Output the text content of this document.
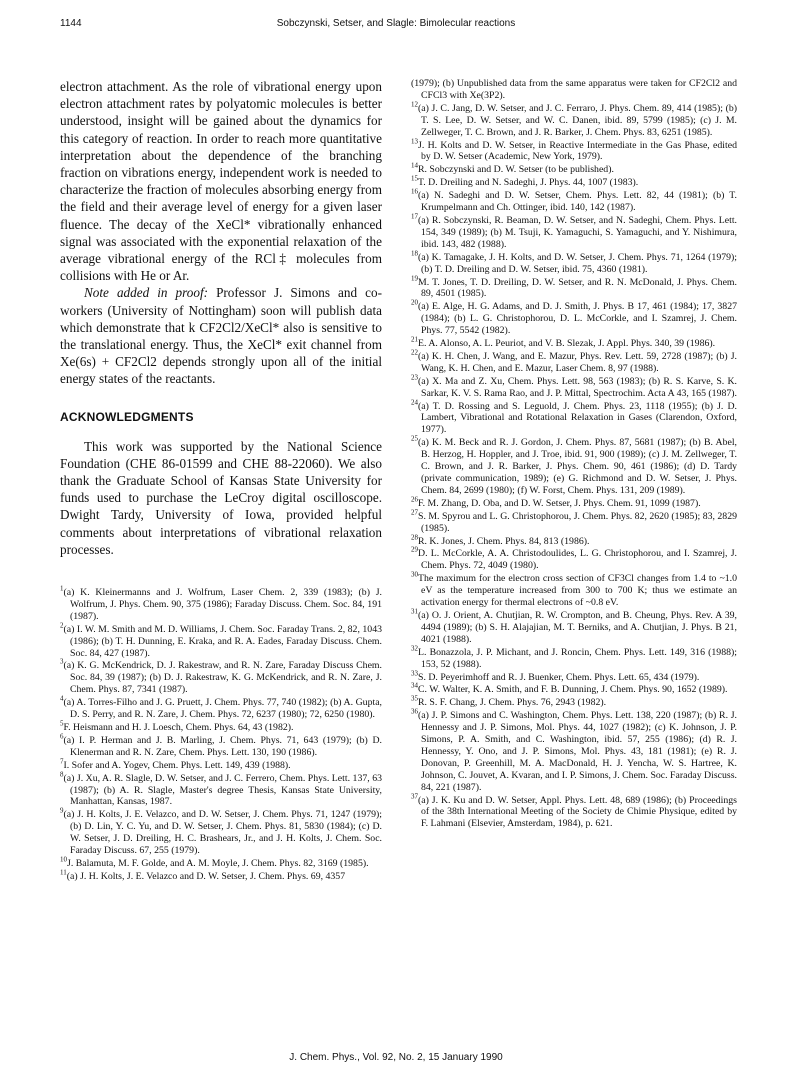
1144	Sobczynski, Setser, and Slagle: Bimolecular reactions

electron attachment. As the role of vibrational energy upon electron attachment rates by polyatomic molecules is better understood, insight will be gained about the dynamics for this category of reaction. In order to reach more quantitative interpretation about the dependence of the branching fraction on vibrations energy, independent work is needed to characterize the fraction of molecules absorbing energy from the field and their average level of energy for a given laser fluence. The decay of the XeCl* vibrationally enhanced signal was associated with the exponential relaxation of the average vibrational energy of the RCl‡ molecules from collisions with He or Ar.

Note added in proof: Professor J. Simons and co-workers (University of Nottingham) soon will publish data which demonstrate that k CF2Cl2/XeCl* also is sensitive to the translational energy. Thus, the XeCl* exit channel from Xe(6s) + CF2Cl2 depends strongly upon all of the initial energy states of the reactants.

ACKNOWLEDGMENTS

This work was supported by the National Science Foundation (CHE 86-01599 and CHE 88-22060). We also thank the Graduate School of Kansas State University for funds used to purchase the LeCroy digital oscilloscope. Dwight Tardy, University of Iowa, provided helpful comments about interpretations of vibrational relaxation processes.

$^1$(a) K. Kleinermanns and J. Wolfrum, Laser Chem. 2, 339 (1983); (b) J. Wolfrum, J. Phys. Chem. 90, 375 (1986); Faraday Discuss. Chem. Soc. 84, 191 (1987).

$^2$(a) I. W. M. Smith and M. D. Williams, J. Chem. Soc. Faraday Trans. 2, 82, 1043 (1986); (b) T. H. Dunning, E. Kraka, and R. A. Eades, Faraday Discuss. Chem. Soc. 84, 427 (1987).

$^3$(a) K. G. McKendrick, D. J. Rakestraw, and R. N. Zare, Faraday Discuss Chem. Soc. 84, 39 (1987); (b) D. J. Rakestraw, K. G. McKendrick, and R. N. Zare, J. Chem. Phys. 87, 7341 (1987).

$^4$(a) A. Torres-Filho and J. G. Pruett, J. Chem. Phys. 77, 740 (1982); (b) A. Gupta, D. S. Perry, and R. N. Zare, J. Chem. Phys. 72, 6237 (1980); 72, 6250 (1980).

$^5$F. Heismann and H. J. Loesch, Chem. Phys. 64, 43 (1982).

$^6$(a) I. P. Herman and J. B. Marling, J. Chem. Phys. 71, 643 (1979); (b) D. Klenerman and R. N. Zare, Chem. Phys. Lett. 130, 190 (1986).

$^7$I. Sofer and A. Yogev, Chem. Phys. Lett. 149, 439 (1988).

$^8$(a) J. Xu, A. R. Slagle, D. W. Setser, and J. C. Ferrero, Chem. Phys. Lett. 137, 63 (1987); (b) A. R. Slagle, Master's degree Thesis, Kansas State University, Manhattan, Kansas, 1987.

$^9$(a) J. H. Kolts, J. E. Velazco, and D. W. Setser, J. Chem. Phys. 71, 1247 (1979); (b) D. Lin, Y. C. Yu, and D. W. Setser, J. Chem. Phys. 81, 5830 (1984); (c) D. W. Setser, J. D. Dreiling, H. C. Brashears, Jr., and J. H. Kolts, J. Chem. Soc. Faraday Discuss. 67, 255 (1979).

$^{10}$J. Balamuta, M. F. Golde, and A. M. Moyle, J. Chem. Phys. 82, 3169 (1985).

$^{11}$(a) J. H. Kolts, J. E. Velazco and D. W. Setser, J. Chem. Phys. 69, 4357

(1979); (b) Unpublished data from the same apparatus were taken for CF2Cl2 and CFCl3 with Xe(3P2).

$^{12}$(a) J. C. Jang, D. W. Setser, and J. C. Ferraro, J. Phys. Chem. 89, 414 (1985); (b) T. S. Lee, D. W. Setser, and W. C. Danen, ibid. 89, 5799 (1985); (c) J. M. Zellweger, T. C. Brown, and J. R. Barker, J. Chem. Phys. 83, 6251 (1985).

$^{13}$J. H. Kolts and D. W. Setser, in Reactive Intermediate in the Gas Phase, edited by D. W. Setser (Academic, New York, 1979).

$^{14}$R. Sobczynski and D. W. Setser (to be published).

$^{15}$T. D. Dreiling and N. Sadeghi, J. Phys. 44, 1007 (1983).

$^{16}$(a) N. Sadeghi and D. W. Setser, Chem. Phys. Lett. 82, 44 (1981); (b) T. Krumpelmann and Ch. Ottinger, ibid. 140, 142 (1987).

$^{17}$(a) R. Sobczynski, R. Beaman, D. W. Setser, and N. Sadeghi, Chem. Phys. Lett. 154, 349 (1989); (b) M. Tsuji, K. Yamaguchi, S. Yamaguchi, and Y. Nishimura, ibid. 143, 482 (1988).

$^{18}$(a) K. Tamagake, J. H. Kolts, and D. W. Setser, J. Chem. Phys. 71, 1264 (1979); (b) T. D. Dreiling and D. W. Setser, ibid. 75, 4360 (1981).

$^{19}$M. T. Jones, T. D. Dreiling, D. W. Setser, and R. N. McDonald, J. Phys. Chem. 89, 4501 (1985).

$^{20}$(a) E. Alge, H. G. Adams, and D. J. Smith, J. Phys. B 17, 461 (1984); 17, 3827 (1984); (b) L. G. Christophorou, D. L. McCorkle, and I. Szamrej, J. Chem. Phys. 77, 5542 (1982).

$^{21}$E. A. Alonso, A. L. Peuriot, and V. B. Slezak, J. Appl. Phys. 340, 39 (1986).

$^{22}$(a) K. H. Chen, J. Wang, and E. Mazur, Phys. Rev. Lett. 59, 2728 (1987); (b) J. Wang, K. H. Chen, and E. Mazur, Laser Chem. 8, 97 (1988).

$^{23}$(a) X. Ma and Z. Xu, Chem. Phys. Lett. 98, 563 (1983); (b) R. S. Karve, S. K. Sarkar, K. V. S. Rama Rao, and J. P. Mittal, Spectrochim. Acta A 43, 165 (1987).

$^{24}$(a) T. D. Rossing and S. Leguold, J. Chem. Phys. 23, 1118 (1955); (b) J. D. Lambert, Vibrational and Rotational Relaxation in Gases (Clarendon, Oxford, 1977).

$^{25}$(a) K. M. Beck and R. J. Gordon, J. Chem. Phys. 87, 5681 (1987); (b) B. Abel, B. Herzog, H. Hoppler, and J. Troe, ibid. 91, 900 (1989); (c) J. M. Zellweger, T. C. Brown, and J. R. Barker, J. Phys. Chem. 90, 461 (1986); (d) D. Tardy (private communication, 1989); (e) G. Richmond and D. W. Setser, J. Phys. Chem. 84, 2699 (1980); (f) W. Forst, Chem. Phys. 131, 209 (1989).

$^{26}$F. M. Zhang, D. Oba, and D. W. Setser, J. Phys. Chem. 91, 1099 (1987).

$^{27}$S. M. Spyrou and L. G. Christophorou, J. Chem. Phys. 82, 2620 (1985); 83, 2829 (1985).

$^{28}$R. K. Jones, J. Chem. Phys. 84, 813 (1986).

$^{29}$D. L. McCorkle, A. A. Christodoulides, L. G. Christophorou, and I. Szamrej, J. Chem. Phys. 72, 4049 (1980).

$^{30}$The maximum for the electron cross section of CF3Cl changes from 1.4 to ~1.0 eV as the temperature increased from 300 to 700 K; thus we estimate an activation energy for thermal electrons of ~0.8 eV.

$^{31}$(a) O. J. Orient, A. Chutjian, R. W. Crompton, and B. Cheung, Phys. Rev. A 39, 4494 (1989); (b) S. H. Alajajian, M. T. Berniks, and A. Chutjian, J. Phys. B 21, 4021 (1988).

$^{32}$L. Bonazzola, J. P. Michant, and J. Roncin, Chem. Phys. Lett. 149, 316 (1988); 153, 52 (1988).

$^{33}$S. D. Peyerimhoff and R. J. Buenker, Chem. Phys. Lett. 65, 434 (1979).

$^{34}$C. W. Walter, K. A. Smith, and F. B. Dunning, J. Chem. Phys. 90, 1652 (1989).

$^{35}$R. S. F. Chang, J. Chem. Phys. 76, 2943 (1982).

$^{36}$(a) J. P. Simons and C. Washington, Chem. Phys. Lett. 138, 220 (1987); (b) R. J. Hennessy and J. P. Simons, Mol. Phys. 44, 1027 (1982); (c) K. Johnson, J. P. Simons, P. A. Smith, and C. Washington, ibid. 57, 255 (1986); (d) R. J. Hennessy, Y. Ono, and J. P. Simons, Mol. Phys. 43, 181 (1981); (e) R. J. Donovan, P. Greenhill, M. A. MacDonald, H. J. Yencha, W. S. Hartree, K. Johnson, C. Jouvet, A. Kvaran, and I. P. Simons, J. Chem. Soc. Faraday Discuss. 84, 221 (1987).

$^{37}$(a) J. K. Ku and D. W. Setser, Appl. Phys. Lett. 48, 689 (1986); (b) Proceedings of the 38th International Meeting of the Society de Chimie Physique, edited by F. Lahmani (Elsevier, Amsterdam, 1984), p. 621.

J. Chem. Phys., Vol. 92, No. 2, 15 January 1990
